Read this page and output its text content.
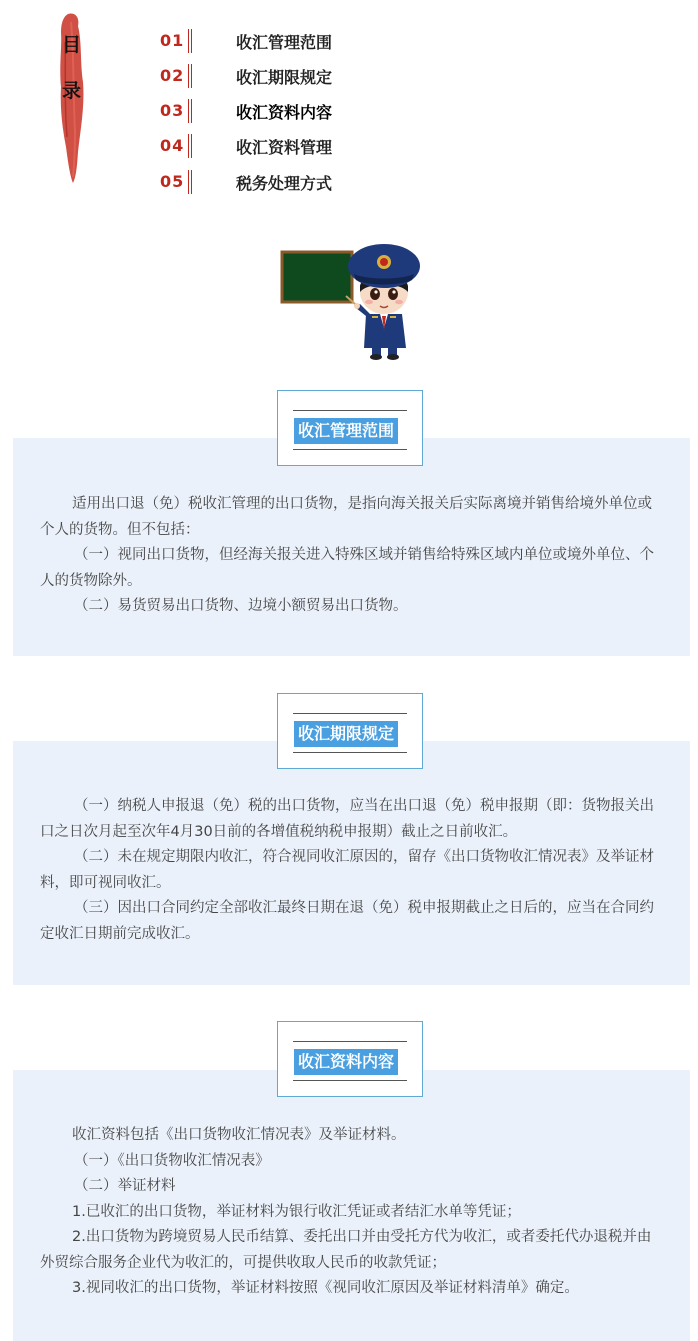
目
录
01	收汇管理范围
02	收汇期限规定
03	收汇资料内容
04	收汇资料管理
05	税务处理方式
收汇管理范围

适用出口退（免）税收汇管理的出口货物，是指向海关报关后实际离境并销售给境外单位或个人的货物。但不包括：

（一）视同出口货物，但经海关报关进入特殊区域并销售给特殊区域内单位或境外单位、个人的货物除外。

（二）易货贸易出口货物、边境小额贸易出口货物。

收汇期限规定

（一）纳税人申报退（免）税的出口货物，应当在出口退（免）税申报期（即：货物报关出口之日次月起至次年4月30日前的各增值税纳税申报期）截止之日前收汇。

（二）未在规定期限内收汇，符合视同收汇原因的，留存《出口货物收汇情况表》及举证材料，即可视同收汇。

（三）因出口合同约定全部收汇最终日期在退（免）税申报期截止之日后的，应当在合同约定收汇日期前完成收汇。

收汇资料内容

收汇资料包括《出口货物收汇情况表》及举证材料。

（一）《出口货物收汇情况表》

（二）举证材料

1.已收汇的出口货物，举证材料为银行收汇凭证或者结汇水单等凭证；

2.出口货物为跨境贸易人民币结算、委托出口并由受托方代为收汇，或者委托代办退税并由外贸综合服务企业代为收汇的，可提供收取人民币的收款凭证；

3.视同收汇的出口货物，举证材料按照《视同收汇原因及举证材料清单》确定。
